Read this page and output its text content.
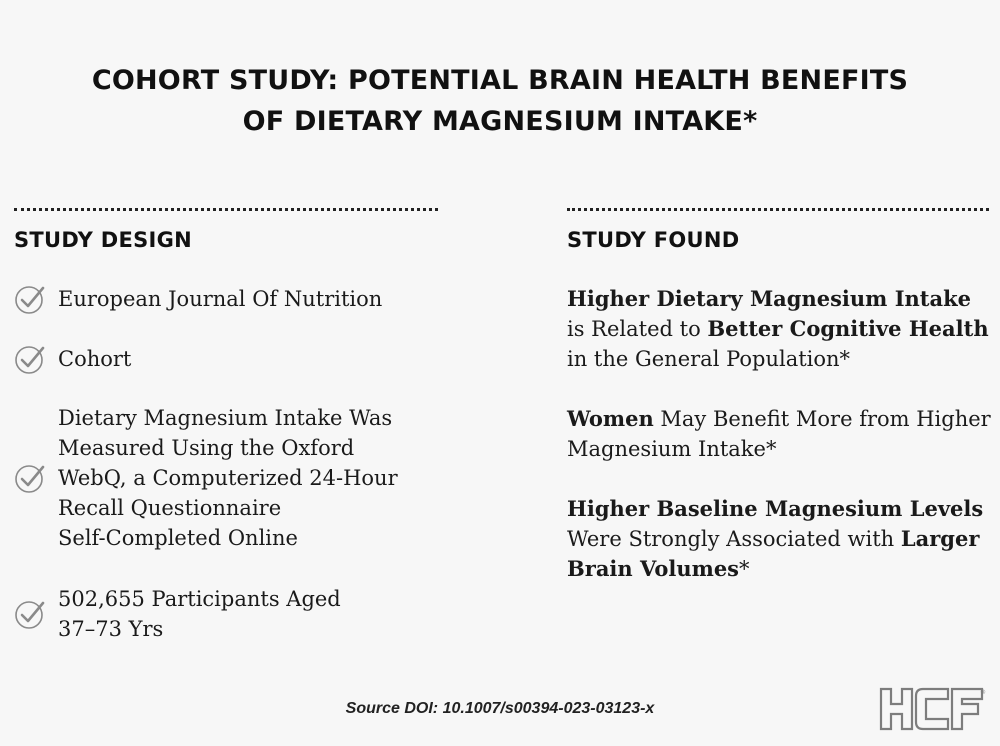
COHORT STUDY: POTENTIAL BRAIN HEALTH BENEFITS
OF DIETARY MAGNESIUM INTAKE*
STUDY DESIGN	STUDY FOUND
European Journal Of Nutrition
Cohort
Dietary Magnesium Intake Was
Measured Using the Oxford
WebQ, a Computerized 24-Hour
Recall Questionnaire
Self-Completed Online
502,655 Participants Aged
37–73 Yrs

Higher Dietary Magnesium Intake is Related to Better Cognitive Health in the General Population*

Women May Benefit More from Higher Magnesium Intake*

Higher Baseline Magnesium Levels Were Strongly Associated with Larger Brain Volumes*

Source DOI: 10.1007/s00394-023-03123-x
®
